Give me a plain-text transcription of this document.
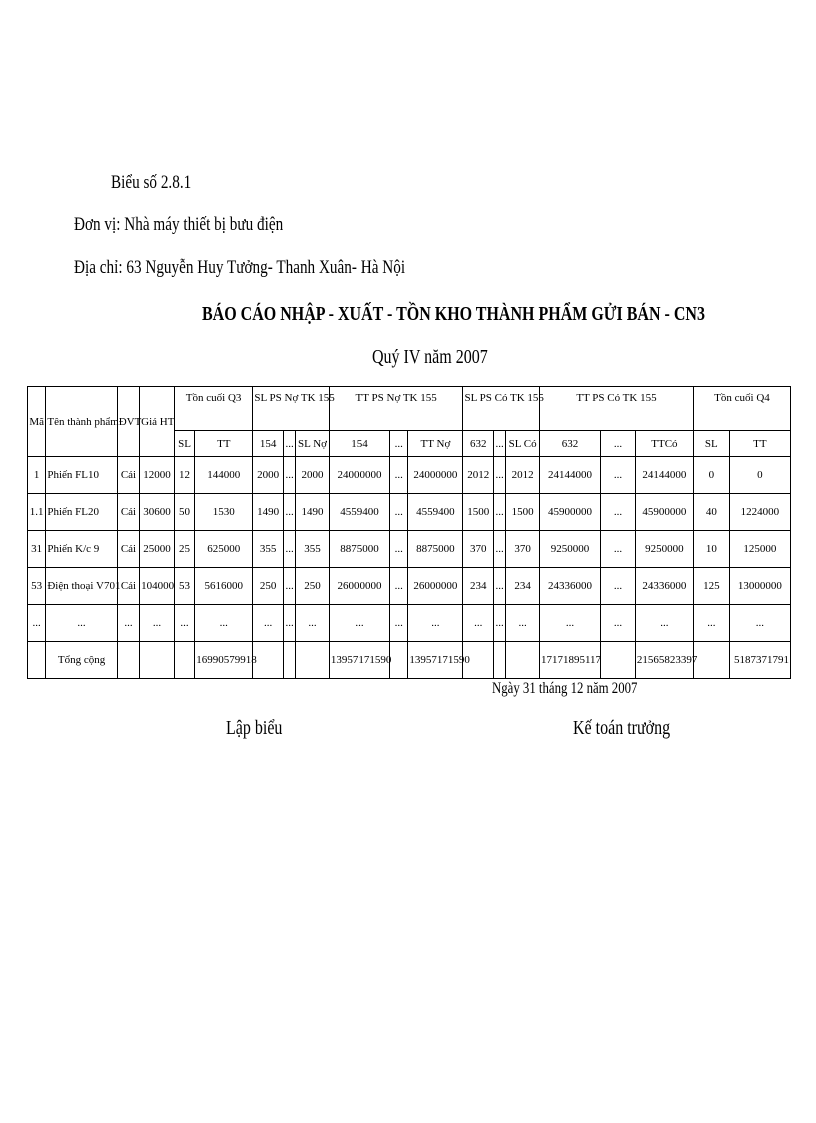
Biểu số 2.8.1
Đơn vị: Nhà máy thiết bị bưu điện
Địa chỉ: 63 Nguyễn Huy Tưởng- Thanh Xuân- Hà Nội
BÁO CÁO NHẬP - XUẤT - TỒN KHO THÀNH PHẨM GỬI BÁN - CN3
Quý IV năm 2007
Mã	Tên thành phẩm	ĐVT	Giá HT	Tồn cuối Q3		SL PS Nợ TK 155			TT PS Nợ TK 155			SL PS Có TK 155			TT PS Có TK 155			Tồn cuối Q4	
				SL	TT	154	...	SL Nợ	154	...	TT Nợ	632	...	SL Có	632	...	TTCó	SL	TT
1	Phiến FL10	Cái	12000	12	144000	2000	...	2000	24000000	...	24000000	2012	...	2012	24144000	...	24144000	0	0
1.1	Phiến FL20	Cái	30600	50	1530	1490	...	1490	4559400	...	4559400	1500	...	1500	45900000	...	45900000	40	1224000
31	Phiến K/c 9	Cái	25000	25	625000	355	...	355	8875000	...	8875000	370	...	370	9250000	...	9250000	10	125000
53	Điện thoại V701	Cái	104000	53	5616000	250	...	250	26000000	...	26000000	234	...	234	24336000	...	24336000	125	13000000
...	...	...	...	...	...	...	...	...	...	...	...	...	...	...	...	...	...	...	...
	Tổng cộng				16990579918				13957171590		13957171590				17171895117		21565823397		5187371791
Ngày 31 tháng 12 năm 2007
Lập biểu	Kế toán trưởng
